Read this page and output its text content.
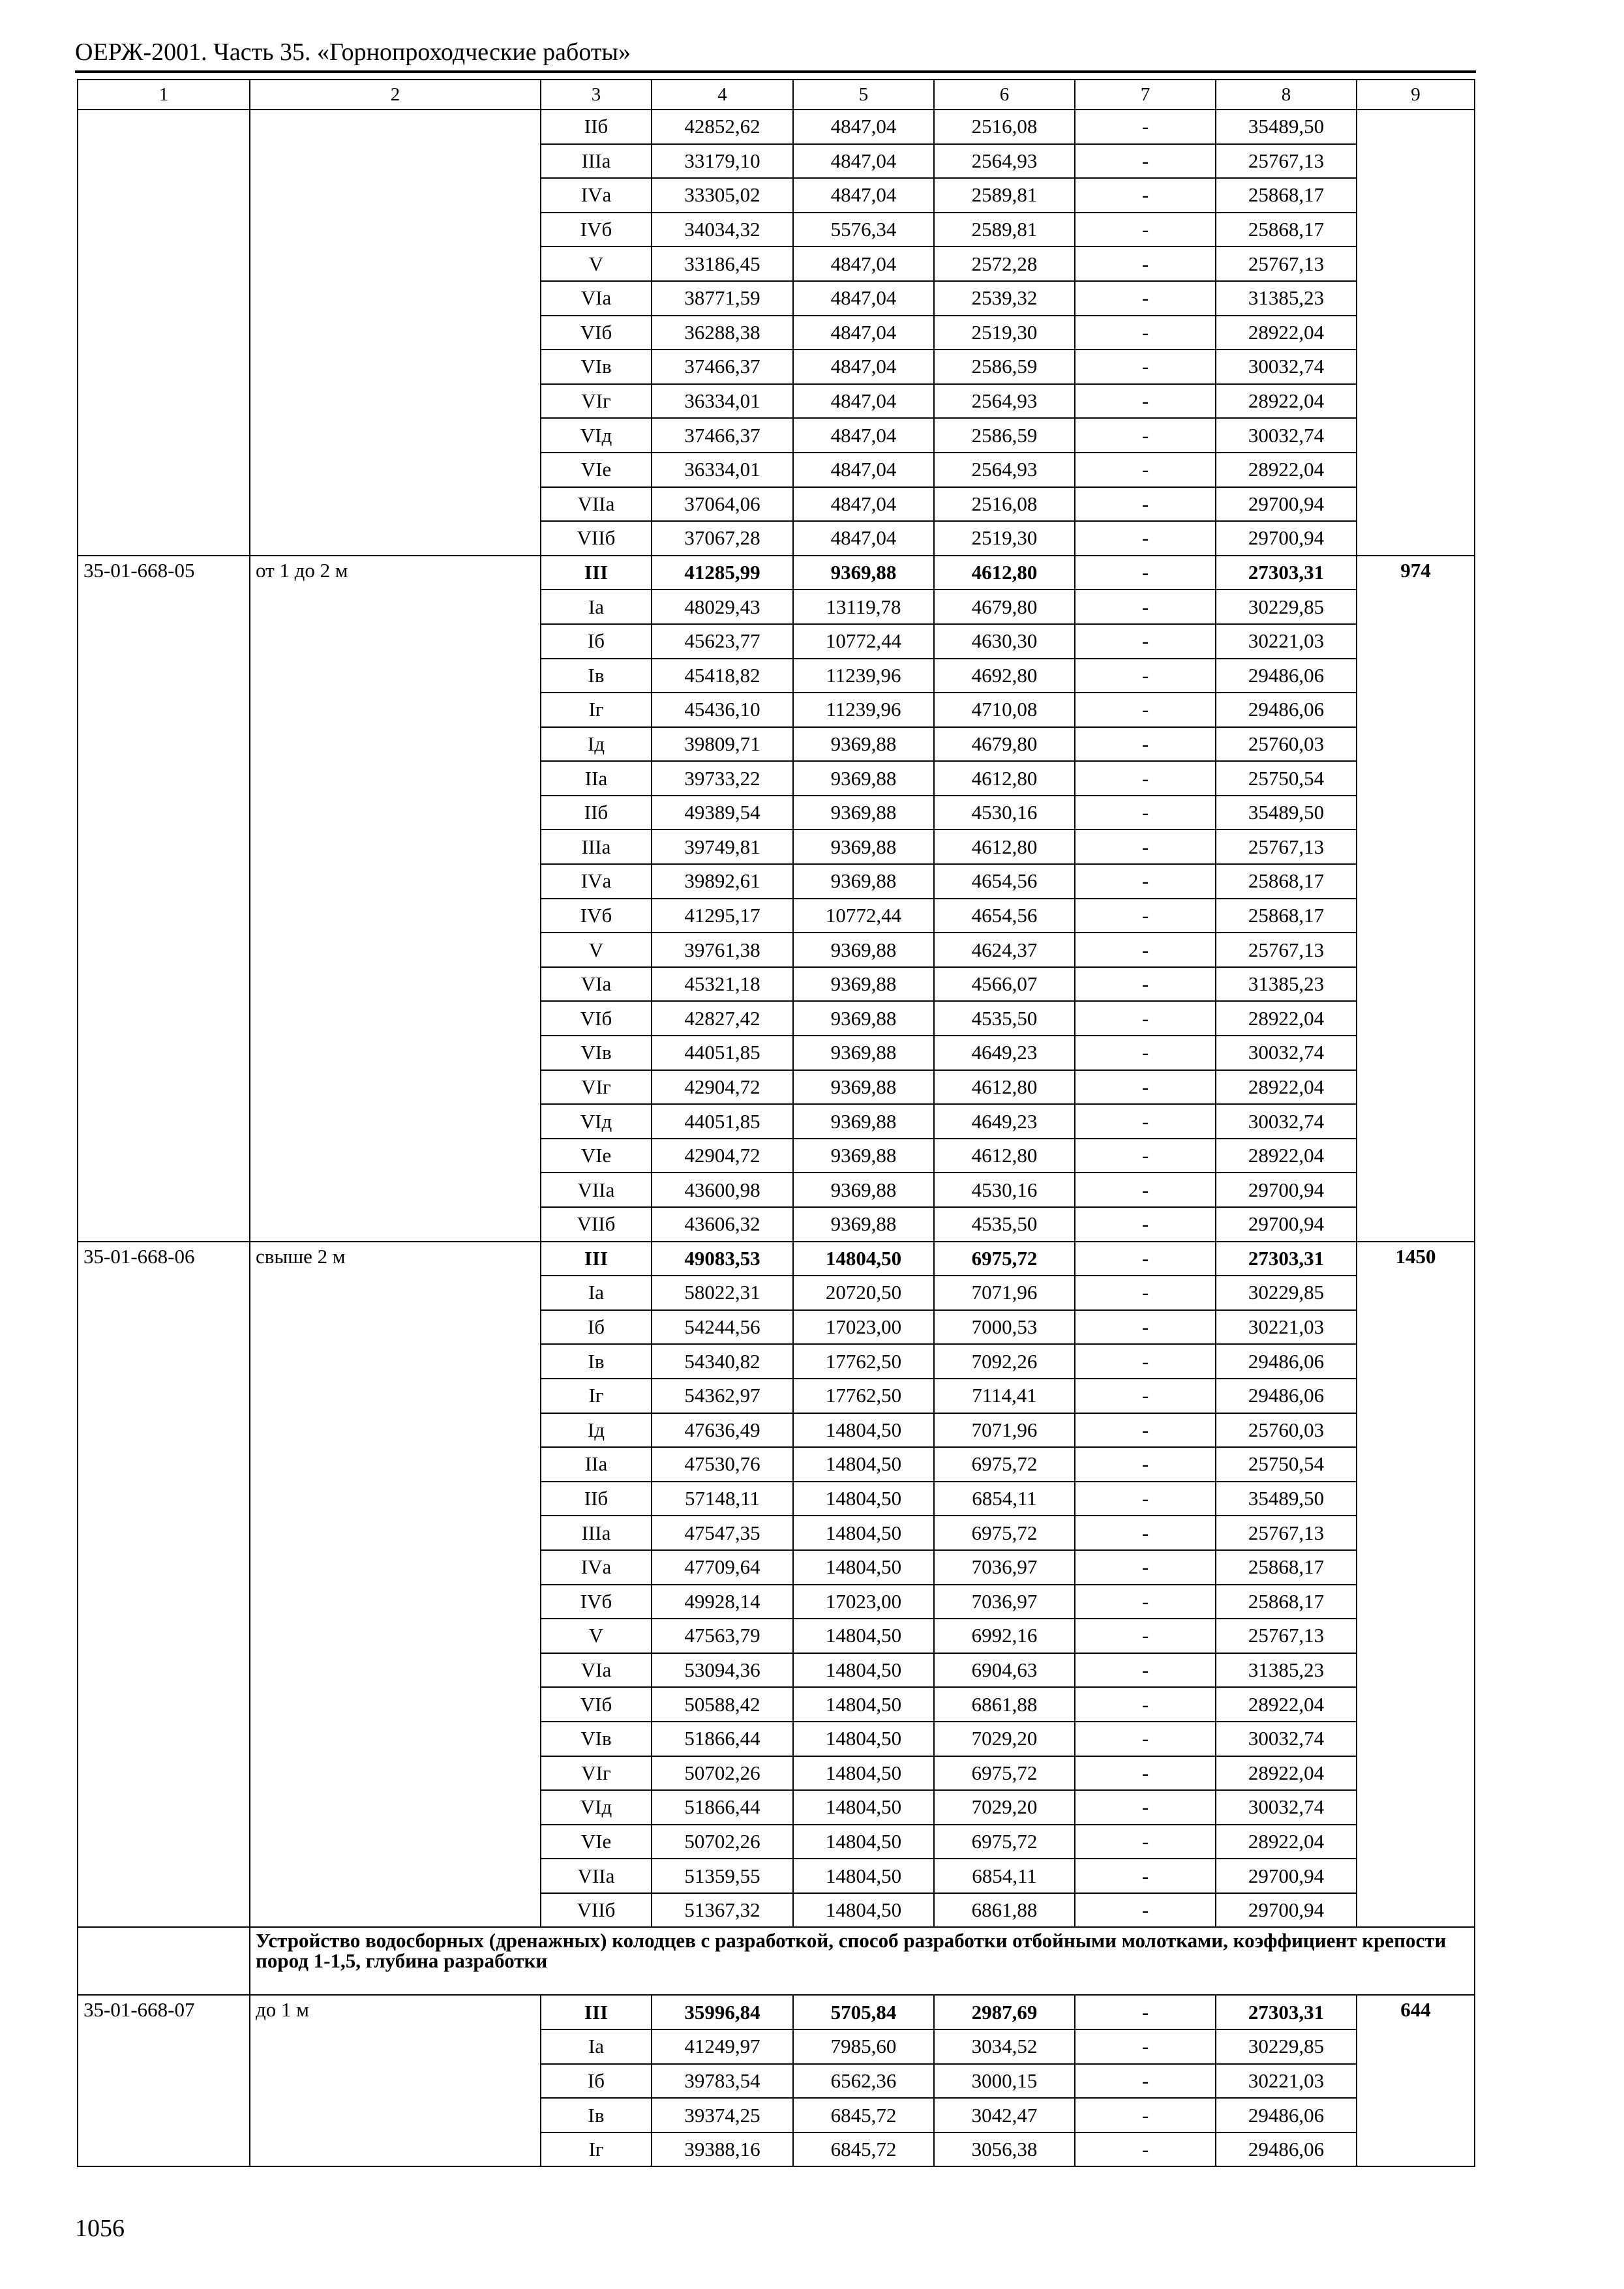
ОЕРЖ-2001. Часть 35. «Горнопроходческие работы»
1	2	3	4	5	6	7	8	9
		IIб	42852,62	4847,04	2516,08	-	35489,50	
		IIIа	33179,10	4847,04	2564,93	-	25767,13	
		IVа	33305,02	4847,04	2589,81	-	25868,17	
		IVб	34034,32	5576,34	2589,81	-	25868,17	
		V	33186,45	4847,04	2572,28	-	25767,13	
		VIа	38771,59	4847,04	2539,32	-	31385,23	
		VIб	36288,38	4847,04	2519,30	-	28922,04	
		VIв	37466,37	4847,04	2586,59	-	30032,74	
		VIг	36334,01	4847,04	2564,93	-	28922,04	
		VIд	37466,37	4847,04	2586,59	-	30032,74	
		VIе	36334,01	4847,04	2564,93	-	28922,04	
		VIIа	37064,06	4847,04	2516,08	-	29700,94	
		VIIб	37067,28	4847,04	2519,30	-	29700,94	
35-01-668-05	от 1 до 2 м	III	41285,99	9369,88	4612,80	-	27303,31	974
		Iа	48029,43	13119,78	4679,80	-	30229,85	
		Iб	45623,77	10772,44	4630,30	-	30221,03	
		Iв	45418,82	11239,96	4692,80	-	29486,06	
		Iг	45436,10	11239,96	4710,08	-	29486,06	
		Iд	39809,71	9369,88	4679,80	-	25760,03	
		IIа	39733,22	9369,88	4612,80	-	25750,54	
		IIб	49389,54	9369,88	4530,16	-	35489,50	
		IIIа	39749,81	9369,88	4612,80	-	25767,13	
		IVа	39892,61	9369,88	4654,56	-	25868,17	
		IVб	41295,17	10772,44	4654,56	-	25868,17	
		V	39761,38	9369,88	4624,37	-	25767,13	
		VIа	45321,18	9369,88	4566,07	-	31385,23	
		VIб	42827,42	9369,88	4535,50	-	28922,04	
		VIв	44051,85	9369,88	4649,23	-	30032,74	
		VIг	42904,72	9369,88	4612,80	-	28922,04	
		VIд	44051,85	9369,88	4649,23	-	30032,74	
		VIе	42904,72	9369,88	4612,80	-	28922,04	
		VIIа	43600,98	9369,88	4530,16	-	29700,94	
		VIIб	43606,32	9369,88	4535,50	-	29700,94	
35-01-668-06	свыше 2 м	III	49083,53	14804,50	6975,72	-	27303,31	1450
		Iа	58022,31	20720,50	7071,96	-	30229,85	
		Iб	54244,56	17023,00	7000,53	-	30221,03	
		Iв	54340,82	17762,50	7092,26	-	29486,06	
		Iг	54362,97	17762,50	7114,41	-	29486,06	
		Iд	47636,49	14804,50	7071,96	-	25760,03	
		IIа	47530,76	14804,50	6975,72	-	25750,54	
		IIб	57148,11	14804,50	6854,11	-	35489,50	
		IIIа	47547,35	14804,50	6975,72	-	25767,13	
		IVа	47709,64	14804,50	7036,97	-	25868,17	
		IVб	49928,14	17023,00	7036,97	-	25868,17	
		V	47563,79	14804,50	6992,16	-	25767,13	
		VIа	53094,36	14804,50	6904,63	-	31385,23	
		VIб	50588,42	14804,50	6861,88	-	28922,04	
		VIв	51866,44	14804,50	7029,20	-	30032,74	
		VIг	50702,26	14804,50	6975,72	-	28922,04	
		VIд	51866,44	14804,50	7029,20	-	30032,74	
		VIе	50702,26	14804,50	6975,72	-	28922,04	
		VIIа	51359,55	14804,50	6854,11	-	29700,94	
		VIIб	51367,32	14804,50	6861,88	-	29700,94	
	Устройство водосборных (дренажных) колодцев с разработкой, способ разработки отбойными молотками, коэффициент крепости пород 1-1,5, глубина разработки							
35-01-668-07	до 1 м	III	35996,84	5705,84	2987,69	-	27303,31	644
		Iа	41249,97	7985,60	3034,52	-	30229,85	
		Iб	39783,54	6562,36	3000,15	-	30221,03	
		Iв	39374,25	6845,72	3042,47	-	29486,06	
		Iг	39388,16	6845,72	3056,38	-	29486,06	
1056
